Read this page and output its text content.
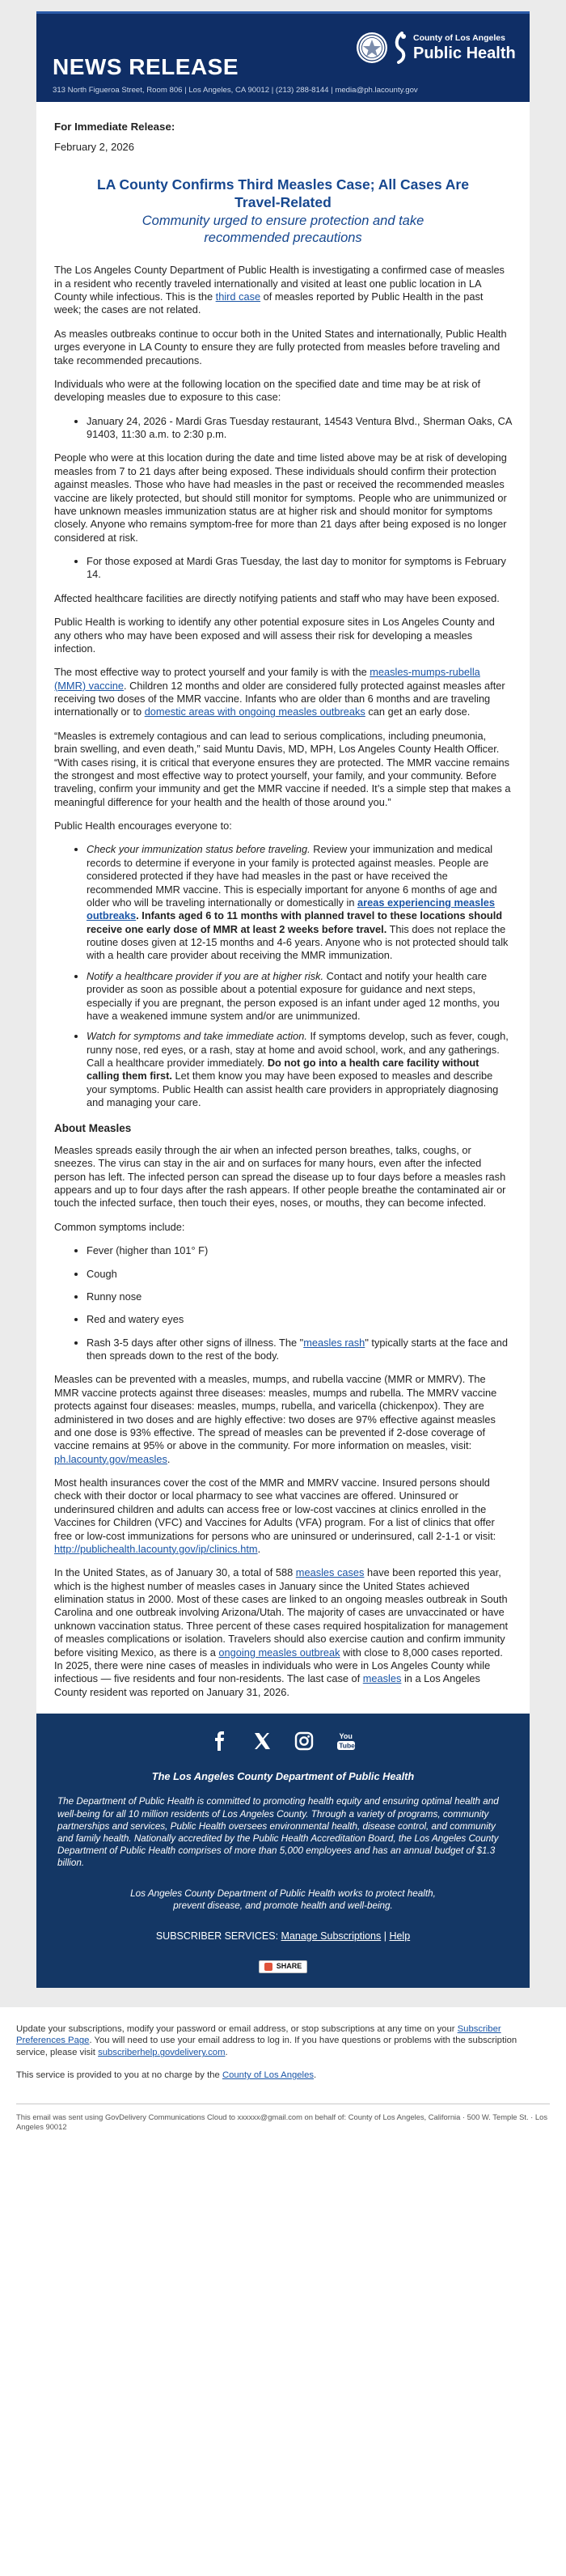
NEWS RELEASE
313 North Figueroa Street, Room 806 | Los Angeles, CA 90012 | (213) 288-8144 | media@ph.lacounty.gov
County of Los Angeles
Public Health
For Immediate Release:
February 2, 2026
LA County Confirms Third Measles Case; All Cases Are Travel-Related
Community urged to ensure protection and take recommended precautions

The Los Angeles County Department of Public Health is investigating a confirmed case of measles in a resident who recently traveled internationally and visited at least one public location in LA County while infectious. This is the third case of measles reported by Public Health in the past week; the cases are not related.

As measles outbreaks continue to occur both in the United States and internationally, Public Health urges everyone in LA County to ensure they are fully protected from measles before traveling and take recommended precautions.

Individuals who were at the following location on the specified date and time may be at risk of developing measles due to exposure to this case:

• January 24, 2026 - Mardi Gras Tuesday restaurant, 14543 Ventura Blvd., Sherman Oaks, CA 91403, 11:30 a.m. to 2:30 p.m.

People who were at this location during the date and time listed above may be at risk of developing measles from 7 to 21 days after being exposed. These individuals should confirm their protection against measles. Those who have had measles in the past or received the recommended measles vaccine are likely protected, but should still monitor for symptoms. People who are unimmunized or have unknown measles immunization status are at higher risk and should monitor for symptoms closely. Anyone who remains symptom-free for more than 21 days after being exposed is no longer considered at risk.

• For those exposed at Mardi Gras Tuesday, the last day to monitor for symptoms is February 14.

Affected healthcare facilities are directly notifying patients and staff who may have been exposed.

Public Health is working to identify any other potential exposure sites in Los Angeles County and any others who may have been exposed and will assess their risk for developing a measles infection.

The most effective way to protect yourself and your family is with the measles-mumps-rubella (MMR) vaccine. Children 12 months and older are considered fully protected against measles after receiving two doses of the MMR vaccine. Infants who are older than 6 months and are traveling internationally or to domestic areas with ongoing measles outbreaks can get an early dose.

“Measles is extremely contagious and can lead to serious complications, including pneumonia, brain swelling, and even death,” said Muntu Davis, MD, MPH, Los Angeles County Health Officer. “With cases rising, it is critical that everyone ensures they are protected. The MMR vaccine remains the strongest and most effective way to protect yourself, your family, and your community. Before traveling, confirm your immunity and get the MMR vaccine if needed. It’s a simple step that makes a meaningful difference for your health and the health of those around you.”

Public Health encourages everyone to:

• Check your immunization status before traveling. Review your immunization and medical records to determine if everyone in your family is protected against measles. People are considered protected if they have had measles in the past or have received the recommended MMR vaccine. This is especially important for anyone 6 months of age and older who will be traveling internationally or domestically in areas experiencing measles outbreaks. Infants aged 6 to 11 months with planned travel to these locations should receive one early dose of MMR at least 2 weeks before travel. This does not replace the routine doses given at 12-15 months and 4-6 years. Anyone who is not protected should talk with a health care provider about receiving the MMR immunization.
• Notify a healthcare provider if you are at higher risk. Contact and notify your health care provider as soon as possible about a potential exposure for guidance and next steps, especially if you are pregnant, the person exposed is an infant under aged 12 months, you have a weakened immune system and/or are unimmunized.
• Watch for symptoms and take immediate action. If symptoms develop, such as fever, cough, runny nose, red eyes, or a rash, stay at home and avoid school, work, and any gatherings. Call a healthcare provider immediately. Do not go into a health care facility without calling them first. Let them know you may have been exposed to measles and describe your symptoms. Public Health can assist health care providers in appropriately diagnosing and managing your care.
About Measles

Measles spreads easily through the air when an infected person breathes, talks, coughs, or sneezes. The virus can stay in the air and on surfaces for many hours, even after the infected person has left. The infected person can spread the disease up to four days before a measles rash appears and up to four days after the rash appears. If other people breathe the contaminated air or touch the infected surface, then touch their eyes, noses, or mouths, they can become infected.

Common symptoms include:

• Fever (higher than 101° F)
• Cough
• Runny nose
• Red and watery eyes
• Rash 3-5 days after other signs of illness. The "measles rash" typically starts at the face and then spreads down to the rest of the body.

Measles can be prevented with a measles, mumps, and rubella vaccine (MMR or MMRV). The MMR vaccine protects against three diseases: measles, mumps and rubella. The MMRV vaccine protects against four diseases: measles, mumps, rubella, and varicella (chickenpox). They are administered in two doses and are highly effective: two doses are 97% effective against measles and one dose is 93% effective. The spread of measles can be prevented if 2-dose coverage of vaccine remains at 95% or above in the community. For more information on measles, visit: ph.lacounty.gov/measles.

Most health insurances cover the cost of the MMR and MMRV vaccine. Insured persons should check with their doctor or local pharmacy to see what vaccines are offered. Uninsured or underinsured children and adults can access free or low-cost vaccines at clinics enrolled in the Vaccines for Children (VFC) and Vaccines for Adults (VFA) program. For a list of clinics that offer free or low-cost immunizations for persons who are uninsured or underinsured, call 2-1-1 or visit: http://publichealth.lacounty.gov/ip/clinics.htm.

In the United States, as of January 30, a total of 588 measles cases have been reported this year, which is the highest number of measles cases in January since the United States achieved elimination status in 2000. Most of these cases are linked to an ongoing measles outbreak in South Carolina and one outbreak involving Arizona/Utah. The majority of cases are unvaccinated or have unknown vaccination status. Three percent of these cases required hospitalization for management of measles complications or isolation. Travelers should also exercise caution and confirm immunity before visiting Mexico, as there is a ongoing measles outbreak with close to 8,000 cases reported. In 2025, there were nine cases of measles in individuals who were in Los Angeles County while infectious — five residents and four non-residents. The last case of measles in a Los Angeles County resident was reported on January 31, 2026.

You
Tube
The Los Angeles County Department of Public Health
The Department of Public Health is committed to promoting health equity and ensuring optimal health and well-being for all 10 million residents of Los Angeles County. Through a variety of programs, community partnerships and services, Public Health oversees environmental health, disease control, and community and family health. Nationally accredited by the Public Health Accreditation Board, the Los Angeles County Department of Public Health comprises of more than 5,000 employees and has an annual budget of $1.3 billion.
Los Angeles County Department of Public Health works to protect health, prevent disease, and promote health and well-being.
SUBSCRIBER SERVICES: Manage Subscriptions | Help
SHARE

Update your subscriptions, modify your password or email address, or stop subscriptions at any time on your Subscriber Preferences Page. You will need to use your email address to log in. If you have questions or problems with the subscription service, please visit subscriberhelp.govdelivery.com.

This service is provided to you at no charge by the County of Los Angeles.

This email was sent using GovDelivery Communications Cloud to xxxxxx@gmail.com on behalf of: County of Los Angeles, California · 500 W. Temple St. · Los Angeles 90012
